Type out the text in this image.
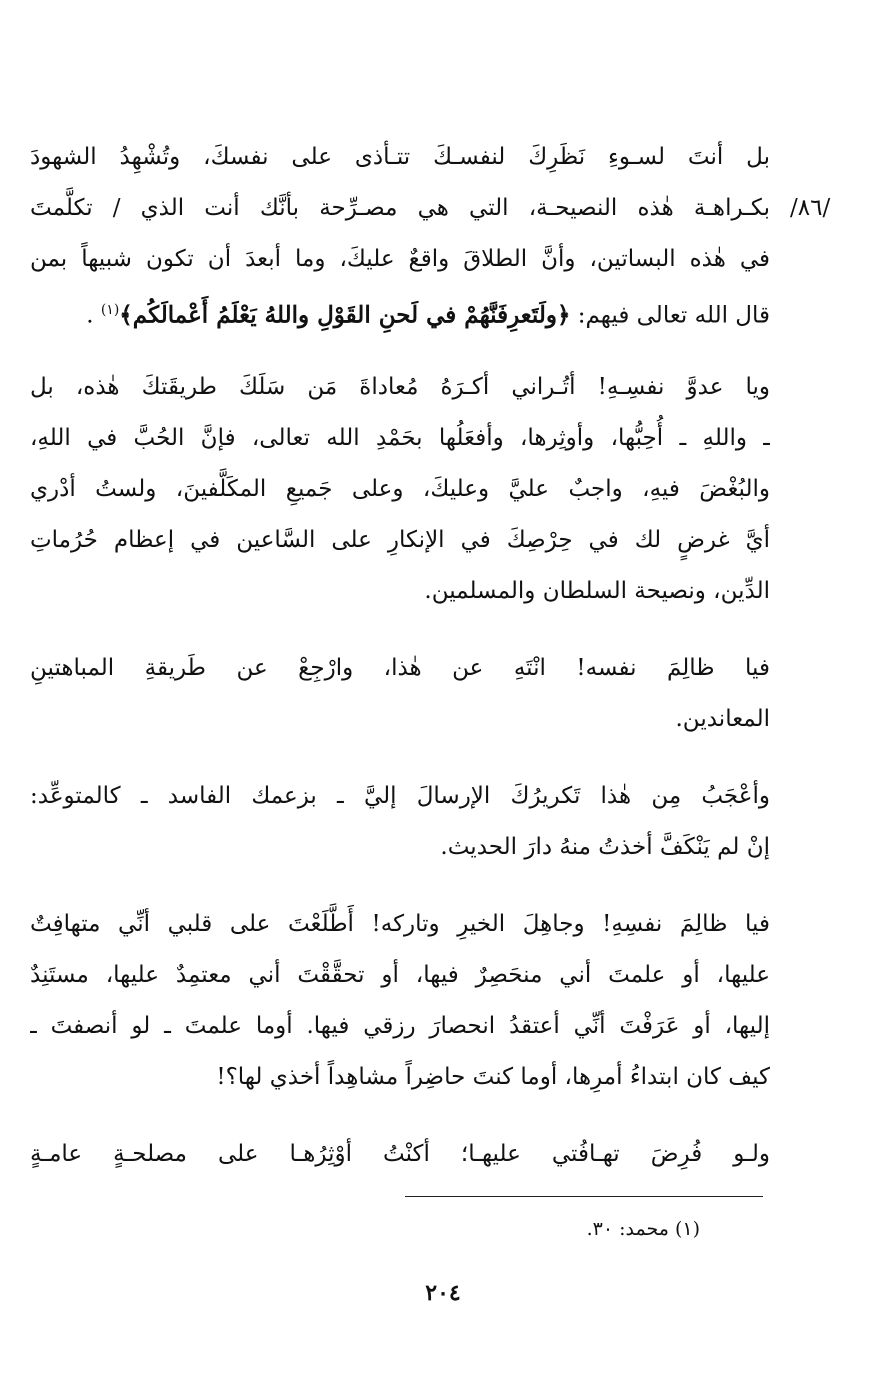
/٨٦/
بل أنتَ لسـوءِ نَظَرِكَ لنفسـكَ تتـأذى على نفسكَ، وتُشْهِدُ الشهودَ
بكـراهـة هٰذه النصيحـة، التي هي مصـرِّحة بأنَّك أنت الذي / تكلَّمتَ
في هٰذه البساتين، وأنَّ الطلاقَ واقعٌ عليكَ، وما أبعدَ أن تكون شبيهاً بمن
قال الله تعالى فيهم: ﴿ولَتَعرِفَنَّهُمْ في لَحنِ القَوْلِ واللهُ يَعْلَمُ أَعْمالَكُم﴾$^{(١)}$ .
ويا عدوَّ نفسِـهِ! أتُـراني أكـرَهُ مُعاداةَ مَن سَلَكَ طريقَتكَ هٰذه، بل
ـ واللهِ ـ أُحِبُّها، وأوثِرها، وأفعَلُها بحَمْدِ الله تعالى، فإنَّ الحُبَّ في اللهِ،
والبُغْضَ فيهِ، واجبٌ عليَّ وعليكَ، وعلى جَميعِ المكَلَّفينَ، ولستُ أدْري
أيَّ غرضٍ لك في حِرْصِكَ في الإنكارِ على السَّاعين في إعظام حُرُماتِ
الدِّين، ونصيحة السلطان والمسلمين.
فيا ظالِمَ نفسه! انْتَهِ عن هٰذا، وارْجِعْ عن طَريقةِ المباهتينِ
المعاندين.
وأعْجَبُ مِن هٰذا تَكريرُكَ الإرسالَ إليَّ ـ بزعمك الفاسد ـ كالمتوعِّد:
إنْ لم يَنْكَفَّ أخذتُ منهُ دارَ الحديث.
فيا ظالِمَ نفسِهِ! وجاهِلَ الخيرِ وتاركه! أَطَّلَعْتَ على قلبي أنِّي متهافِتٌ
عليها، أو علمتَ أني منحَصِرٌ فيها، أو تحقَّقْتَ أني معتمِدٌ عليها، مستَنِدٌ
إليها، أو عَرَفْتَ أنِّي أعتقدُ انحصارَ رزقي فيها. أوما علمتَ ـ لو أنصفتَ ـ
كيف كان ابتداءُ أمرِها، أوما كنتَ حاضِراً مشاهِداً أخذي لها؟!
ولـو فُرِضَ تهـافُتي عليهـا؛ أكنْتُ أوْثِرُهـا على مصلحـةٍ عامـةٍ
(١) محمد: ٣٠.
٢٠٤
